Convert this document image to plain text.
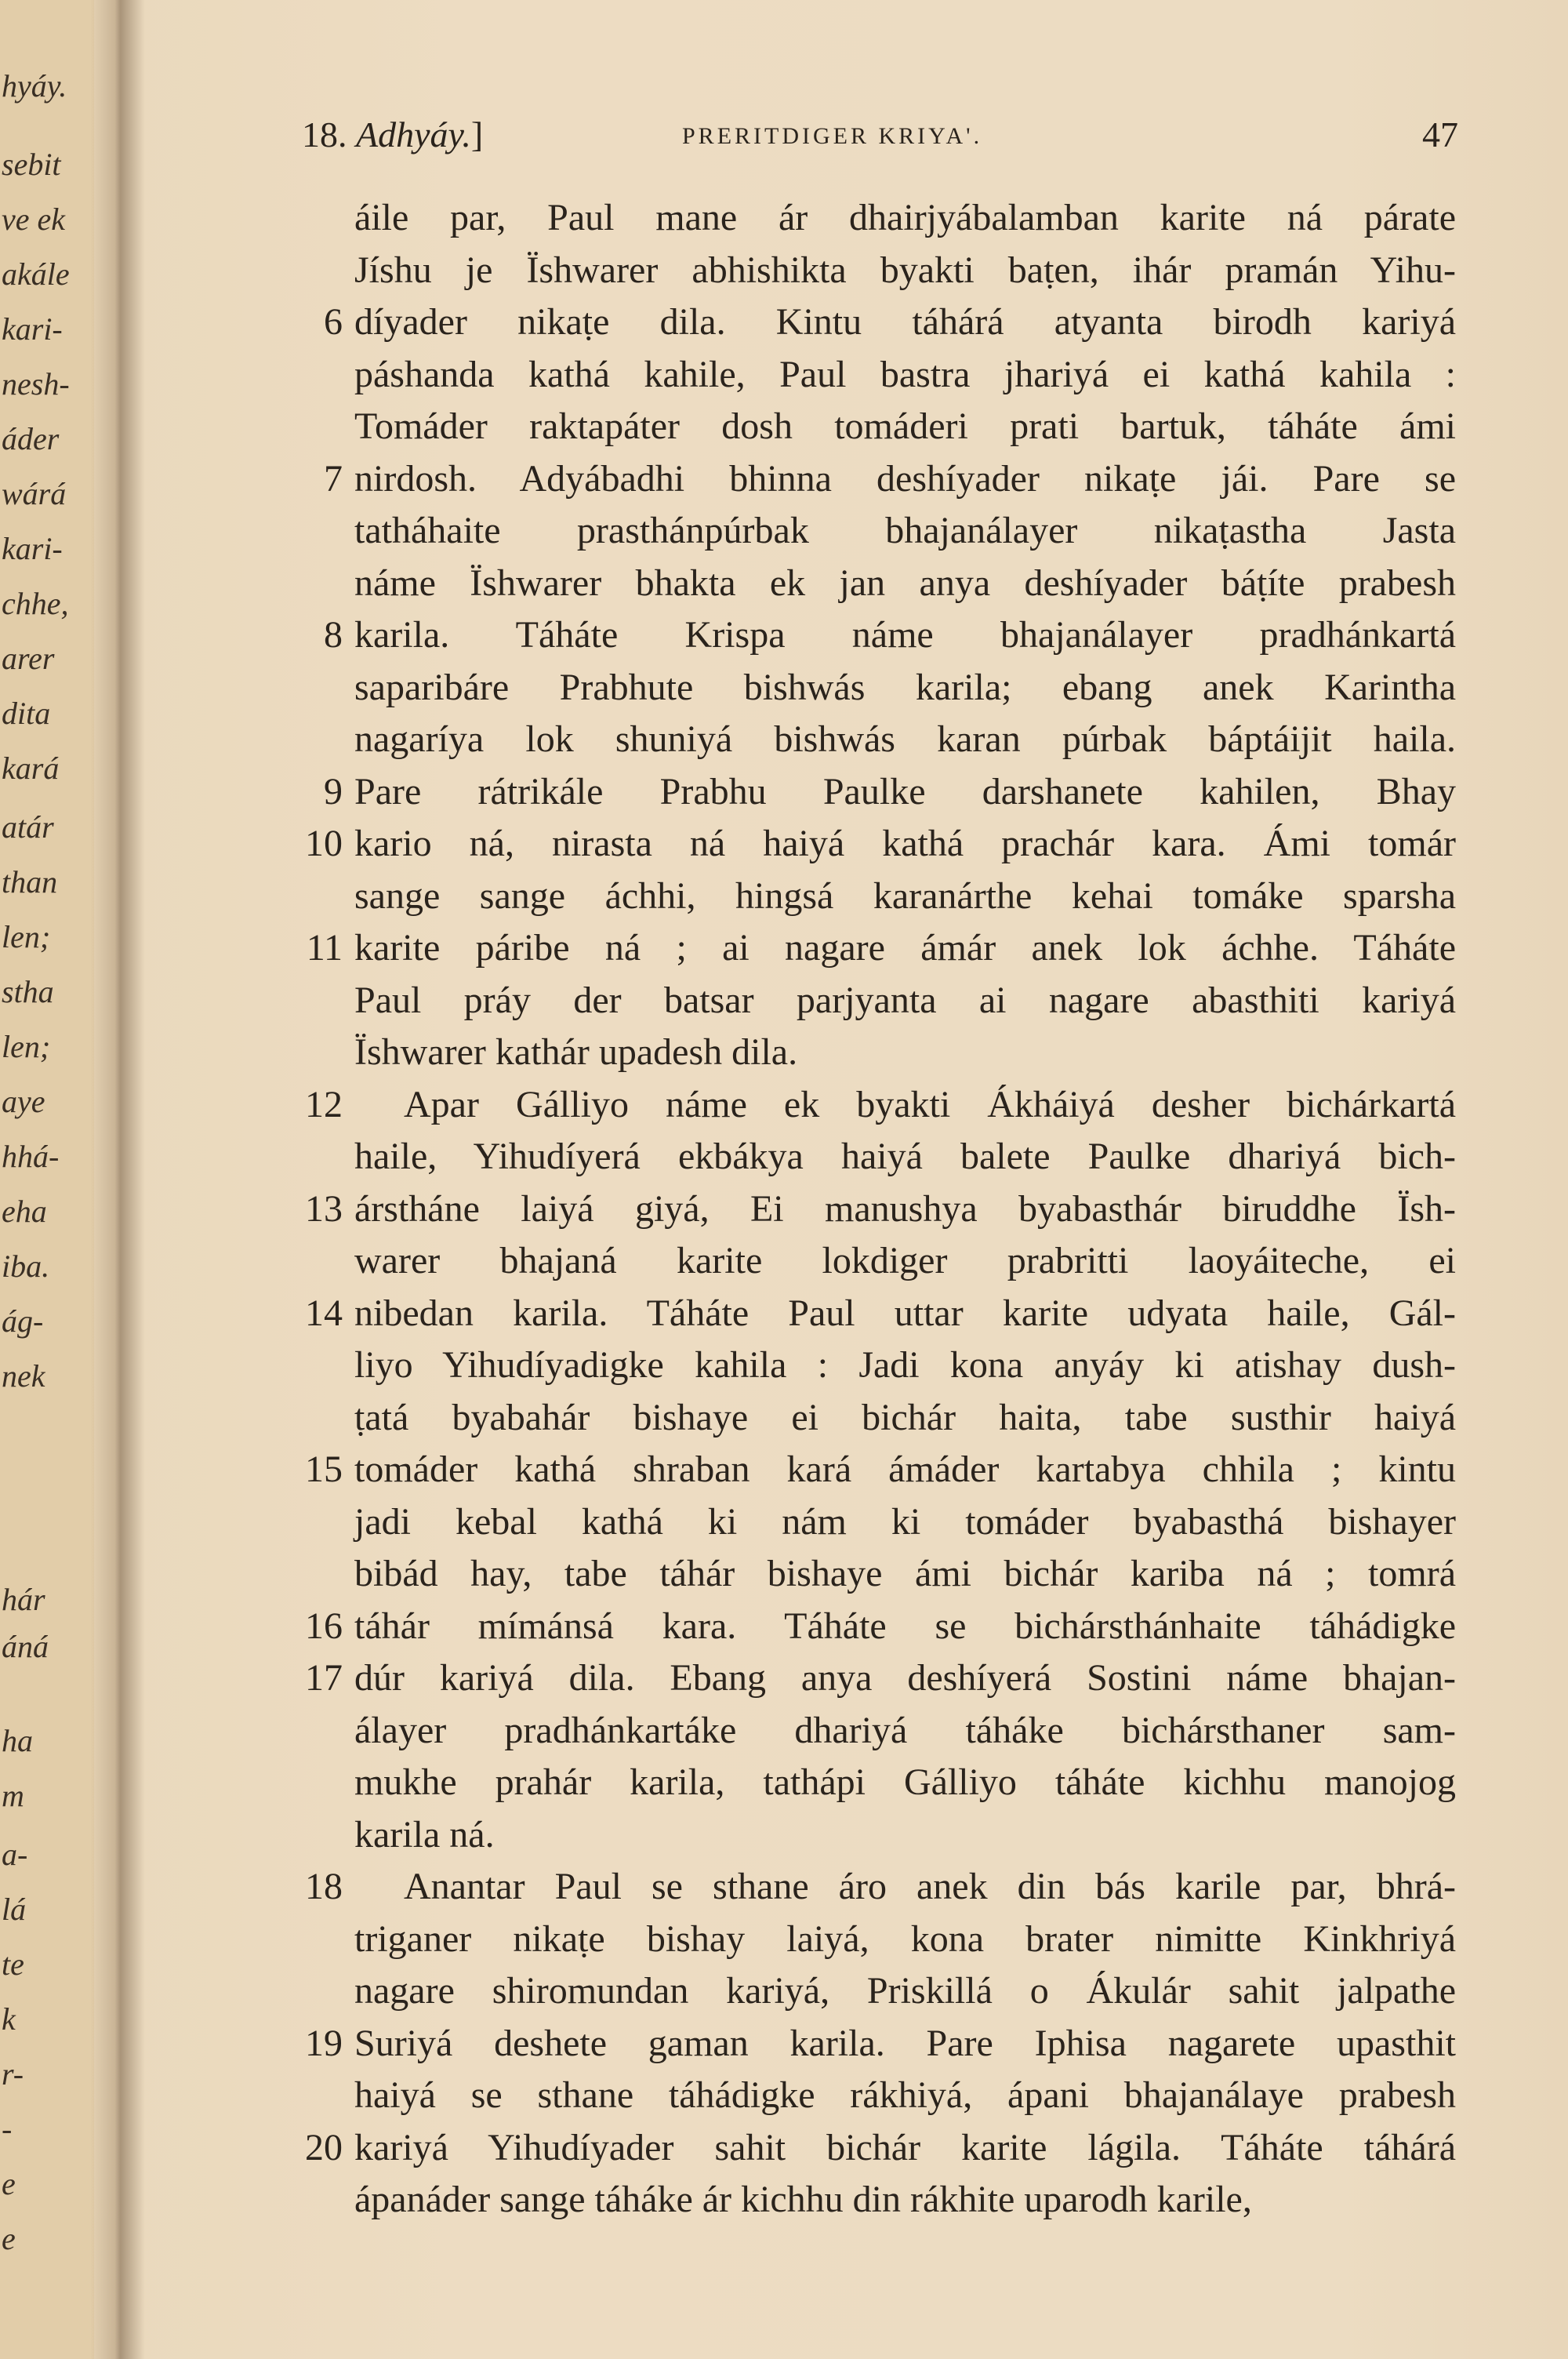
hyáy.
sebit
ve ek
akále
kari-
nesh-
áder
wárá
kari-
chhe,
arer
dita
kará
atár
than
len;
stha
len;
aye
hhá-
eha
iba.
ág-
nek
hár
áná
ha
m
a-
lá
te
k
r-
-
e
e
18. Adhyáy.]	PRERITDIGER KRIYA'.	47
áile par, Paul mane ár dhairjyábalamban karite ná párate
Jíshu je Ïshwarer abhishikta byakti baṭen, ihár pramán Yihu-
6 díyader nikaṭe dila. Kintu táhárá atyanta birodh kariyá
páshanda kathá kahile, Paul bastra jhariyá ei kathá kahila :
Tomáder raktapáter dosh tomáderi prati bartuk, táháte ámi
7 nirdosh. Adyábadhi bhinna deshíyader nikaṭe jái. Pare se
tatháhaite prasthánpúrbak bhajanálayer nikaṭastha Jasta
náme Ïshwarer bhakta ek jan anya deshíyader báṭíte prabesh
8 karila. Táháte Krispa náme bhajanálayer pradhánkartá
saparibáre Prabhute bishwás karila; ebang anek Karintha
nagaríya lok shuniyá bishwás karan púrbak báptáijit haila.
9 Pare rátrikále Prabhu Paulke darshanete kahilen, Bhay
10 kario ná, nirasta ná haiyá kathá prachár kara. Ámi tomár
sange sange áchhi, hingsá karanárthe kehai tomáke sparsha
11 karite páribe ná ; ai nagare ámár anek lok áchhe. Táháte
Paul práy der batsar parjyanta ai nagare abasthiti kariyá
Ïshwarer kathár upadesh dila.
12 Apar Gálliyo náme ek byakti Ákháiyá desher bichárkartá
haile, Yihudíyerá ekbákya haiyá balete Paulke dhariyá bich-
13 árstháne laiyá giyá, Ei manushya byabasthár biruddhe Ïsh-
warer bhajaná karite lokdiger prabritti laoyáiteche, ei
14 nibedan karila. Táháte Paul uttar karite udyata haile, Gál-
liyo Yihudíyadigke kahila : Jadi kona anyáy ki atishay dush-
ṭatá byabahár bishaye ei bichár haita, tabe susthir haiyá
15 tomáder kathá shraban kará ámáder kartabya chhila ; kintu
jadi kebal kathá ki nám ki tomáder byabasthá bishayer
bibád hay, tabe táhár bishaye ámi bichár kariba ná ; tomrá
16 táhár mímánsá kara. Táháte se bichársthánhaite táhádigke
17 dúr kariyá dila. Ebang anya deshíyerá Sostini náme bhajan-
álayer pradhánkartáke dhariyá táháke bichársthaner sam-
mukhe prahár karila, tathápi Gálliyo táháte kichhu manojog
karila ná.
18 Anantar Paul se sthane áro anek din bás karile par, bhrá-
triganer nikaṭe bishay laiyá, kona brater nimitte Kinkhriyá
nagare shiromundan kariyá, Priskillá o Ákulár sahit jalpathe
19 Suriyá deshete gaman karila. Pare Iphisa nagarete upasthit
haiyá se sthane táhádigke rákhiyá, ápani bhajanálaye prabesh
20 kariyá Yihudíyader sahit bichár karite lágila. Táháte táhárá
ápanáder sange táháke ár kichhu din rákhite uparodh karile,
